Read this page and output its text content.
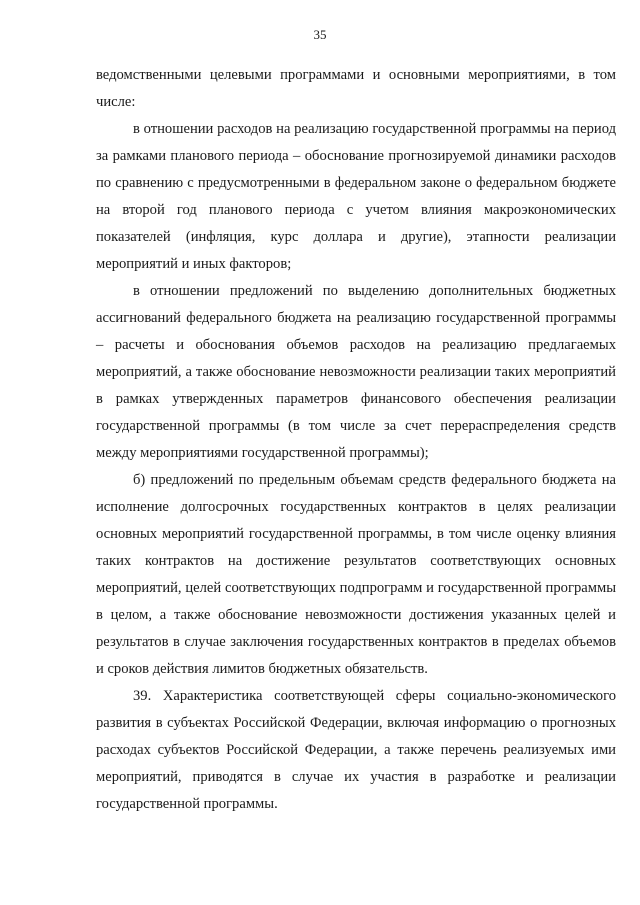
35

ведомственными целевыми программами и основными мероприятиями, в том числе:

в отношении расходов на реализацию государственной программы на период за рамками планового периода – обоснование прогнозируемой динамики расходов по сравнению с предусмотренными в федеральном законе о федеральном бюджете на второй год планового периода с учетом влияния макроэкономических показателей (инфляция, курс доллара и другие), этапности реализации мероприятий и иных факторов;

в отношении предложений по выделению дополнительных бюджетных ассигнований федерального бюджета на реализацию государственной программы – расчеты и обоснования объемов расходов на реализацию предлагаемых мероприятий, а также обоснование невозможности реализации таких мероприятий в рамках утвержденных параметров финансового обеспечения реализации государственной программы (в том числе за счет перераспределения средств между мероприятиями государственной программы);

б) предложений по предельным объемам средств федерального бюджета на исполнение долгосрочных государственных контрактов в целях реализации основных мероприятий государственной программы, в том числе оценку влияния таких контрактов на достижение результатов соответствующих основных мероприятий, целей соответствующих подпрограмм и государственной программы в целом, а также обоснование невозможности достижения указанных целей и результатов в случае заключения государственных контрактов в пределах объемов и сроков действия лимитов бюджетных обязательств.

39. Характеристика соответствующей сферы социально-экономического развития в субъектах Российской Федерации, включая информацию о прогнозных расходах субъектов Российской Федерации, а также перечень реализуемых ими мероприятий, приводятся в случае их участия в разработке и реализации государственной программы.
